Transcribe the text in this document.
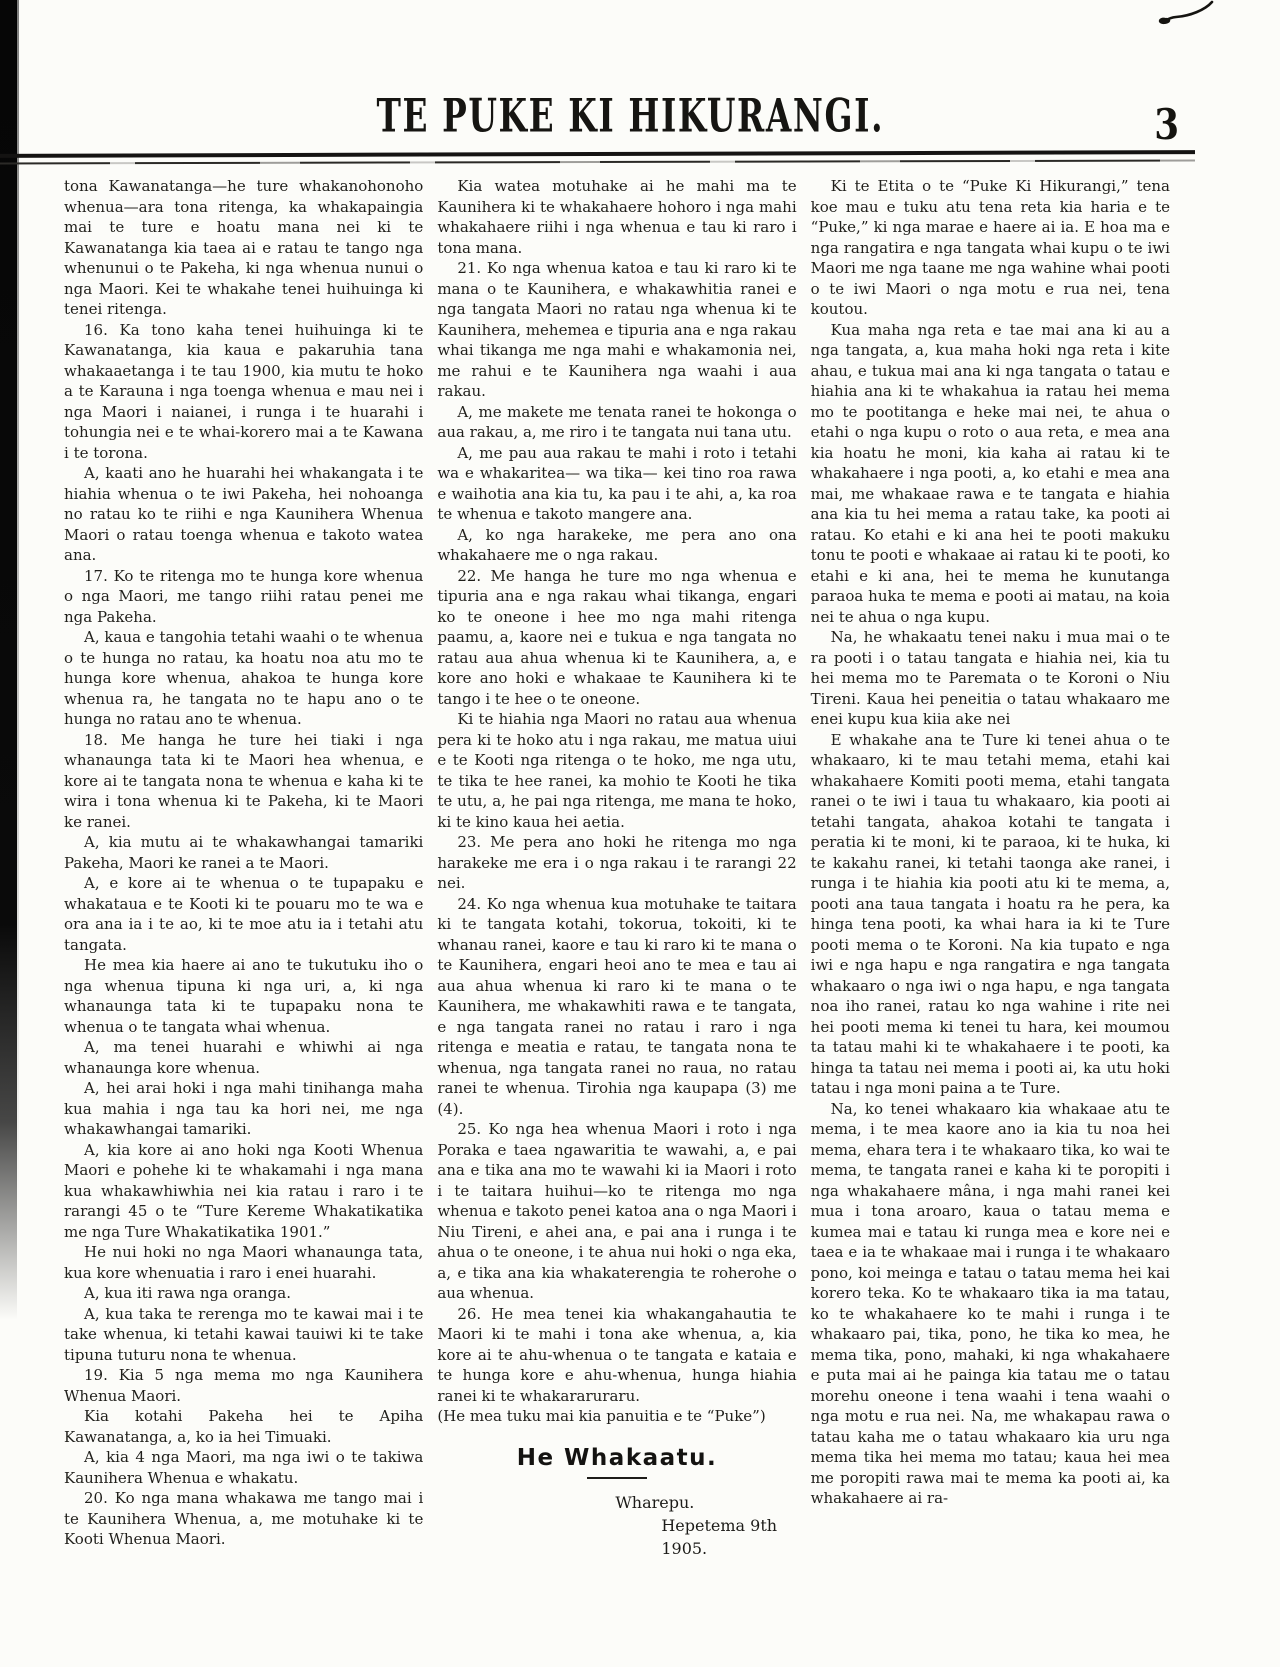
TE PUKE KI HIKURANGI.	3

tona Kawanatanga—he ture whakanohonoho whenua—ara tona ritenga, ka whakapaingia mai te ture e hoatu mana nei ki te Kawanatanga kia taea ai e ratau te tango nga whenunui o te Pakeha, ki nga whenua nunui o nga Maori. Kei te whakahe tenei huihuinga ki tenei ritenga.

16. Ka tono kaha tenei huihuinga ki te Kawanatanga, kia kaua e pakaruhia tana whakaaetanga i te tau 1900, kia mutu te hoko a te Karauna i nga toenga whenua e mau nei i nga Maori i naianei, i runga i te huarahi i tohungia nei e te whai-korero mai a te Kawana i te torona.

A, kaati ano he huarahi hei whakangata i te hiahia whenua o te iwi Pakeha, hei nohoanga no ratau ko te riihi e nga Kaunihera Whenua Maori o ratau toenga whenua e takoto watea ana.

17. Ko te ritenga mo te hunga kore whenua o nga Maori, me tango riihi ratau penei me nga Pakeha.

A, kaua e tangohia tetahi waahi o te whenua o te hunga no ratau, ka hoatu noa atu mo te hunga kore whenua, ahakoa te hunga kore whenua ra, he tangata no te hapu ano o te hunga no ratau ano te whenua.

18. Me hanga he ture hei tiaki i nga whanaunga tata ki te Maori hea whenua, e kore ai te tangata nona te whenua e kaha ki te wira i tona whenua ki te Pakeha, ki te Maori ke ranei.

A, kia mutu ai te whakawhangai tamariki Pakeha, Maori ke ranei a te Maori.

A, e kore ai te whenua o te tupapaku e whakataua e te Kooti ki te pouaru mo te wa e ora ana ia i te ao, ki te moe atu ia i tetahi atu tangata.

He mea kia haere ai ano te tukutuku iho o nga whenua tipuna ki nga uri, a, ki nga whanaunga tata ki te tupapaku nona te whenua o te tangata whai whenua.

A, ma tenei huarahi e whiwhi ai nga whanaunga kore whenua.

A, hei arai hoki i nga mahi tinihanga maha kua mahia i nga tau ka hori nei, me nga whakawhangai tamariki.

A, kia kore ai ano hoki nga Kooti Whenua Maori e pohehe ki te whakamahi i nga mana kua whakawhiwhia nei kia ratau i raro i te rarangi 45 o te “Ture Kereme Whakatikatika me nga Ture Whakatikatika 1901.”

He nui hoki no nga Maori whanaunga tata, kua kore whenuatia i raro i enei huarahi.

A, kua iti rawa nga oranga.

A, kua taka te rerenga mo te kawai mai i te take whenua, ki tetahi kawai tauiwi ki te take tipuna tuturu nona te whenua.

19. Kia 5 nga mema mo nga Kaunihera Whenua Maori.

Kia kotahi Pakeha hei te Apiha Kawanatanga, a, ko ia hei Timuaki.

A, kia 4 nga Maori, ma nga iwi o te takiwa Kaunihera Whenua e whakatu.

20. Ko nga mana whakawa me tango mai i te Kaunihera Whenua, a, me motuhake ki te Kooti Whenua Maori.

Kia watea motuhake ai he mahi ma te Kaunihera ki te whakahaere hohoro i nga mahi whakahaere riihi i nga whenua e tau ki raro i tona mana.

21. Ko nga whenua katoa e tau ki raro ki te mana o te Kaunihera, e whakawhitia ranei e nga tangata Maori no ratau nga whenua ki te Kaunihera, mehemea e tipuria ana e nga rakau whai tikanga me nga mahi e whakamonia nei, me rahui e te Kaunihera nga waahi i aua rakau.

A, me makete me tenata ranei te hokonga o aua rakau, a, me riro i te tangata nui tana utu.

A, me pau aua rakau te mahi i roto i tetahi wa e whakaritea— wa tika— kei tino roa rawa e waihotia ana kia tu, ka pau i te ahi, a, ka roa te whenua e takoto mangere ana.

A, ko nga harakeke, me pera ano ona whakahaere me o nga rakau.

22. Me hanga he ture mo nga whenua e tipuria ana e nga rakau whai tikanga, engari ko te oneone i hee mo nga mahi ritenga paamu, a, kaore nei e tukua e nga tangata no ratau aua ahua whenua ki te Kaunihera, a, e kore ano hoki e whakaae te Kaunihera ki te tango i te hee o te oneone.

Ki te hiahia nga Maori no ratau aua whenua pera ki te hoko atu i nga rakau, me matua uiui e te Kooti nga ritenga o te hoko, me nga utu, te tika te hee ranei, ka mohio te Kooti he tika te utu, a, he pai nga ritenga, me mana te hoko, ki te kino kaua hei aetia.

23. Me pera ano hoki he ritenga mo nga harakeke me era i o nga rakau i te rarangi 22 nei.

24. Ko nga whenua kua motuhake te taitara ki te tangata kotahi, tokorua, tokoiti, ki te whanau ranei, kaore e tau ki raro ki te mana o te Kaunihera, engari heoi ano te mea e tau ai aua ahua whenua ki raro ki te mana o te Kaunihera, me whakawhiti rawa e te tangata, e nga tangata ranei no ratau i raro i nga ritenga e meatia e ratau, te tangata nona te whenua, nga tangata ranei no raua, no ratau ranei te whenua. Tirohia nga kaupapa (3) me (4).

25. Ko nga hea whenua Maori i roto i nga Poraka e taea ngawaritia te wawahi, a, e pai ana e tika ana mo te wawahi ki ia Maori i roto i te taitara huihui—ko te ritenga mo nga whenua e takoto penei katoa ana o nga Maori i Niu Tireni, e ahei ana, e pai ana i runga i te ahua o te oneone, i te ahua nui hoki o nga eka, a, e tika ana kia whakaterengia te roherohe o aua whenua.

26. He mea tenei kia whakangahautia te Maori ki te mahi i tona ake whenua, a, kia kore ai te ahu-whenua o te tangata e kataia e te hunga kore e ahu-whenua, hunga hiahia ranei ki te whakararuraru.

(He mea tuku mai kia panuitia e te “Puke”)

He Whakaatu.

Wharepu.

Hepetema 9th 1905.

Ki te Etita o te “Puke Ki Hikurangi,” tena koe mau e tuku atu tena reta kia haria e te “Puke,” ki nga marae e haere ai ia. E hoa ma e nga rangatira e nga tangata whai kupu o te iwi Maori me nga taane me nga wahine whai pooti o te iwi Maori o nga motu e rua nei, tena koutou.

Kua maha nga reta e tae mai ana ki au a nga tangata, a, kua maha hoki nga reta i kite ahau, e tukua mai ana ki nga tangata o tatau e hiahia ana ki te whakahua ia ratau hei mema mo te pootitanga e heke mai nei, te ahua o etahi o nga kupu o roto o aua reta, e mea ana kia hoatu he moni, kia kaha ai ratau ki te whakahaere i nga pooti, a, ko etahi e mea ana mai, me whakaae rawa e te tangata e hiahia ana kia tu hei mema a ratau take, ka pooti ai ratau. Ko etahi e ki ana hei te pooti makuku tonu te pooti e whakaae ai ratau ki te pooti, ko etahi e ki ana, hei te mema he kunutanga paraoa huka te mema e pooti ai matau, na koia nei te ahua o nga kupu.

Na, he whakaatu tenei naku i mua mai o te ra pooti i o tatau tangata e hiahia nei, kia tu hei mema mo te Paremata o te Koroni o Niu Tireni. Kaua hei peneitia o tatau whakaaro me enei kupu kua kiia ake nei

E whakahe ana te Ture ki tenei ahua o te whakaaro, ki te mau tetahi mema, etahi kai whakahaere Komiti pooti mema, etahi tangata ranei o te iwi i taua tu whakaaro, kia pooti ai tetahi tangata, ahakoa kotahi te tangata i peratia ki te moni, ki te paraoa, ki te huka, ki te kakahu ranei, ki tetahi taonga ake ranei, i runga i te hiahia kia pooti atu ki te mema, a, pooti ana taua tangata i hoatu ra he pera, ka hinga tena pooti, ka whai hara ia ki te Ture pooti mema o te Koroni. Na kia tupato e nga iwi e nga hapu e nga rangatira e nga tangata whakaaro o nga iwi o nga hapu, e nga tangata noa iho ranei, ratau ko nga wahine i rite nei hei pooti mema ki tenei tu hara, kei moumou ta tatau mahi ki te whakahaere i te pooti, ka hinga ta tatau nei mema i pooti ai, ka utu hoki tatau i nga moni paina a te Ture.

Na, ko tenei whakaaro kia whakaae atu te mema, i te mea kaore ano ia kia tu noa hei mema, ehara tera i te whakaaro tika, ko wai te mema, te tangata ranei e kaha ki te poropiti i nga whakahaere mâna, i nga mahi ranei kei mua i tona aroaro, kaua o tatau mema e kumea mai e tatau ki runga mea e kore nei e taea e ia te whakaae mai i runga i te whakaaro pono, koi meinga e tatau o tatau mema hei kai korero teka. Ko te whakaaro tika ia ma tatau, ko te whakahaere ko te mahi i runga i te whakaaro pai, tika, pono, he tika ko mea, he mema tika, pono, mahaki, ki nga whakahaere e puta mai ai he painga kia tatau me o tatau morehu oneone i tena waahi i tena waahi o nga motu e rua nei. Na, me whakapau rawa o tatau kaha me o tatau whakaaro kia uru nga mema tika hei mema mo tatau; kaua hei mea me poropiti rawa mai te mema ka pooti ai, ka whakahaere ai ra-
